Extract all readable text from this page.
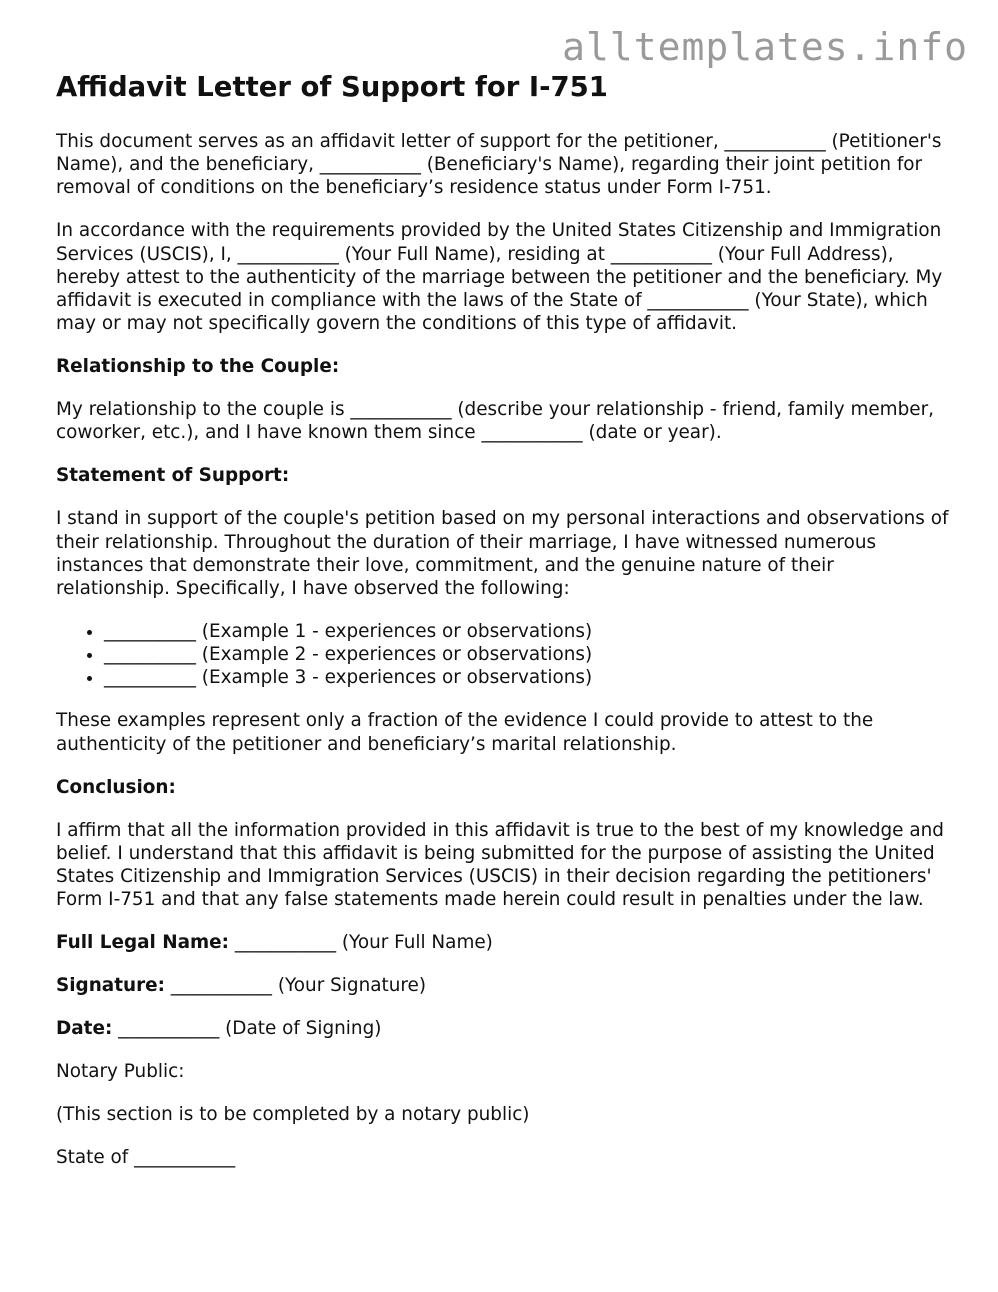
alltemplates.info
Affidavit Letter of Support for I-751

This document serves as an affidavit letter of support for the petitioner, ___________ (Petitioner's Name), and the beneficiary, ___________ (Beneficiary's Name), regarding their joint petition for removal of conditions on the beneficiary’s residence status under Form I-751.

In accordance with the requirements provided by the United States Citizenship and Immigration Services (USCIS), I, ___________ (Your Full Name), residing at ___________ (Your Full Address), hereby attest to the authenticity of the marriage between the petitioner and the beneficiary. My affidavit is executed in compliance with the laws of the State of ___________ (Your State), which may or may not specifically govern the conditions of this type of affidavit.

Relationship to the Couple:

My relationship to the couple is ___________ (describe your relationship - friend, family member, coworker, etc.), and I have known them since ___________ (date or year).

Statement of Support:

I stand in support of the couple's petition based on my personal interactions and observations of their relationship. Throughout the duration of their marriage, I have witnessed numerous instances that demonstrate their love, commitment, and the genuine nature of their relationship. Specifically, I have observed the following:

• __________ (Example 1 - experiences or observations)
• __________ (Example 2 - experiences or observations)
• __________ (Example 3 - experiences or observations)

These examples represent only a fraction of the evidence I could provide to attest to the authenticity of the petitioner and beneficiary’s marital relationship.

Conclusion:

I affirm that all the information provided in this affidavit is true to the best of my knowledge and belief. I understand that this affidavit is being submitted for the purpose of assisting the United States Citizenship and Immigration Services (USCIS) in their decision regarding the petitioners' Form I-751 and that any false statements made herein could result in penalties under the law.

Full Legal Name: ___________ (Your Full Name)

Signature: ___________ (Your Signature)

Date: ___________ (Date of Signing)

Notary Public:

(This section is to be completed by a notary public)

State of ___________
